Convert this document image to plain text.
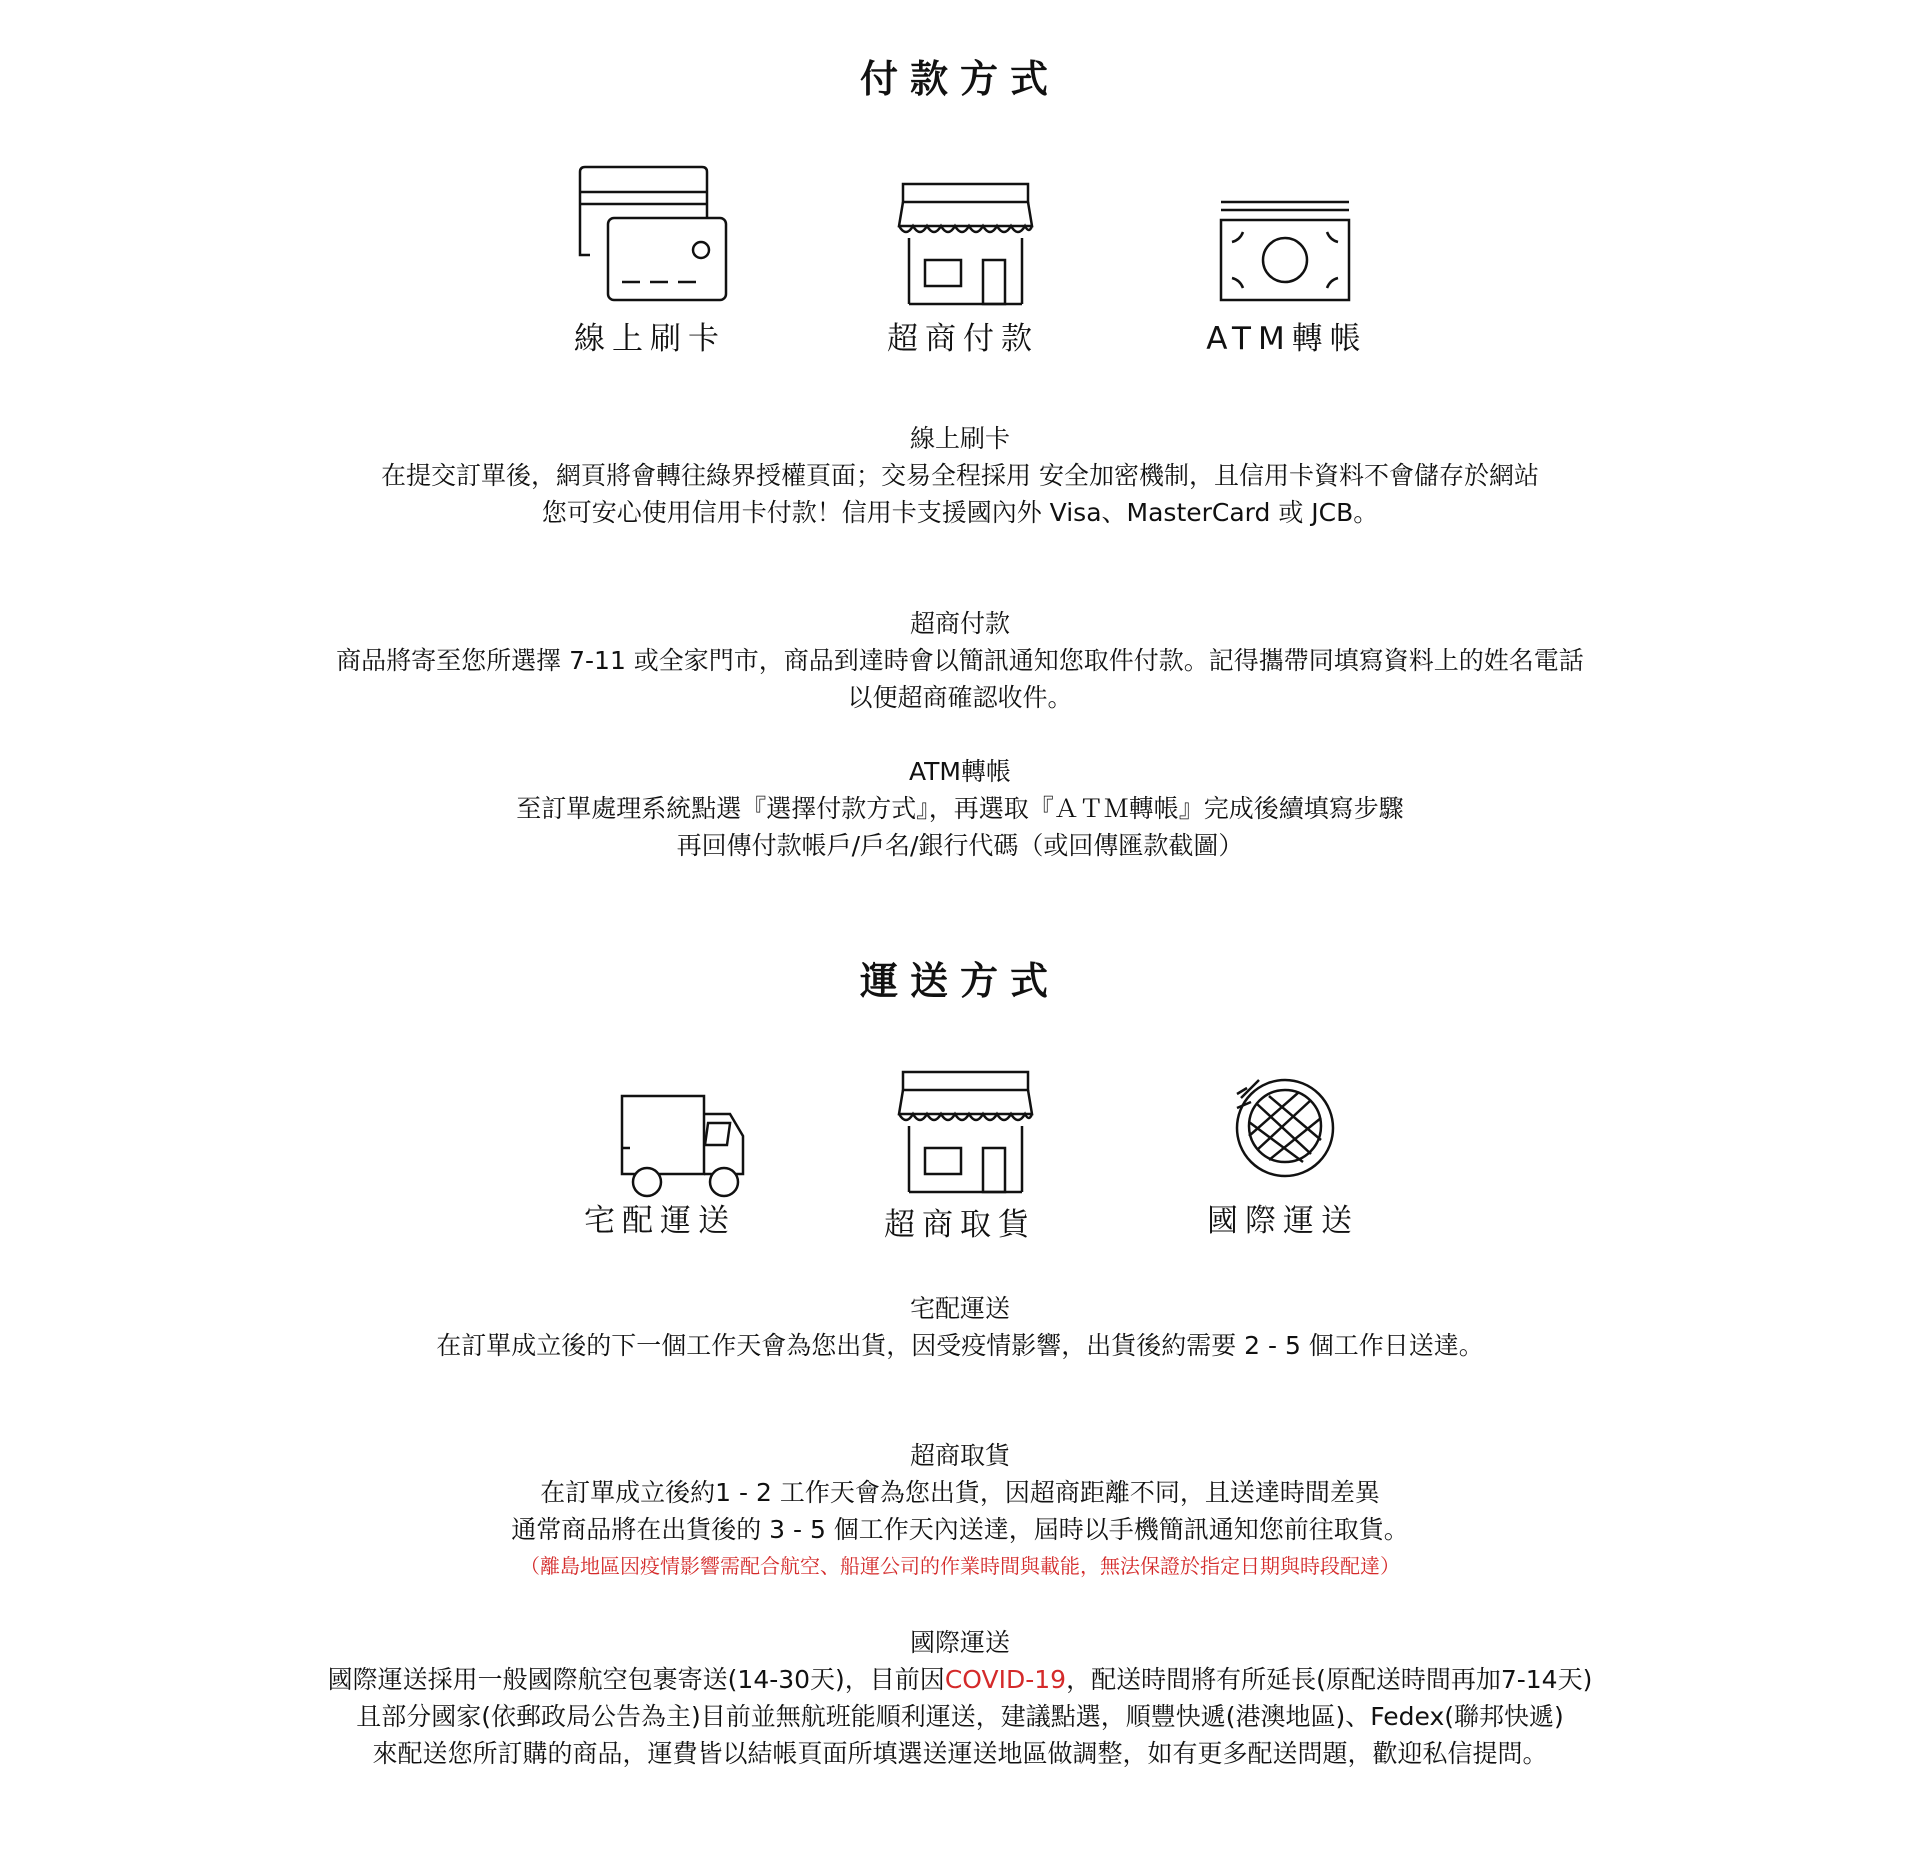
付款方式
線上刷卡	超商付款	ATM轉帳
線上刷卡
在提交訂單後，網頁將會轉往綠界授權頁面；交易全程採用 安全加密機制，且信用卡資料不會儲存於網站
您可安心使用信用卡付款！信用卡支援國內外 Visa、MasterCard 或 JCB。
超商付款
商品將寄至您所選擇 7-11 或全家門市，商品到達時會以簡訊通知您取件付款。記得攜帶同填寫資料上的姓名電話
以便超商確認收件。
ATM轉帳
至訂單處理系統點選『選擇付款方式』，再選取『ＡＴＭ轉帳』完成後續填寫步驟
再回傳付款帳戶/戶名/銀行代碼（或回傳匯款截圖）
運送方式
宅配運送	超商取貨	國際運送
宅配運送
在訂單成立後的下一個工作天會為您出貨，因受疫情影響，出貨後約需要 2 - 5 個工作日送達。
超商取貨
在訂單成立後約1 - 2 工作天會為您出貨，因超商距離不同，且送達時間差異
通常商品將在出貨後的 3 - 5 個工作天內送達，屆時以手機簡訊通知您前往取貨。
（離島地區因疫情影響需配合航空、船運公司的作業時間與載能，無法保證於指定日期與時段配達）
國際運送
國際運送採用一般國際航空包裹寄送(14-30天)，目前因COVID-19，配送時間將有所延長(原配送時間再加7-14天)
且部分國家(依郵政局公告為主)目前並無航班能順利運送，建議點選，順豐快遞(港澳地區)、Fedex(聯邦快遞)
來配送您所訂購的商品，運費皆以結帳頁面所填選送運送地區做調整，如有更多配送問題，歡迎私信提問。
